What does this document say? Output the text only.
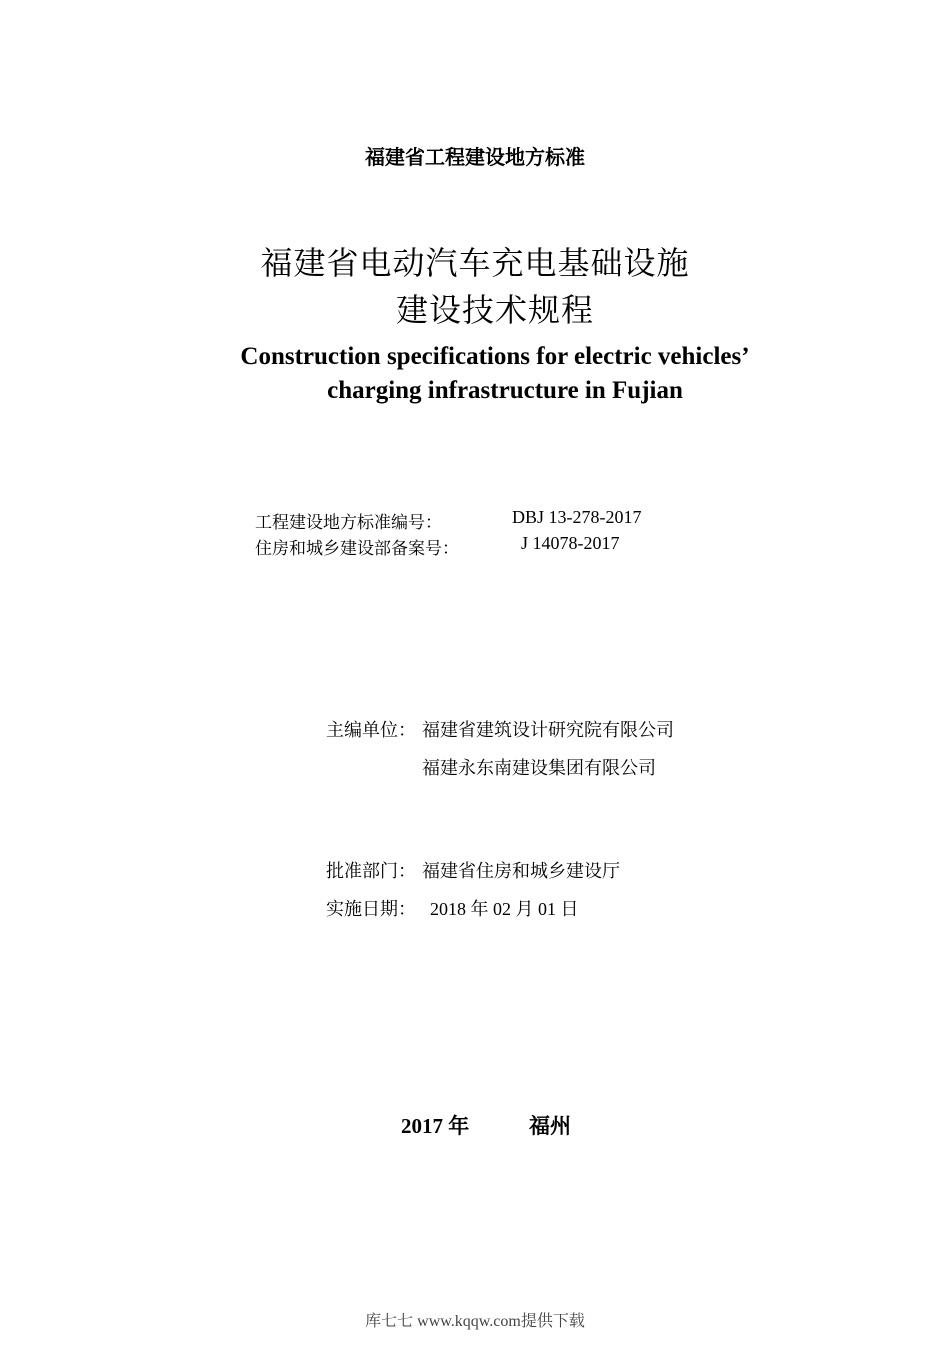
福建省工程建设地方标准
福建省电动汽车充电基础设施
建设技术规程
Construction specifications for electric vehicles’
charging infrastructure in Fujian
工程建设地方标准编号：	DBJ 13-278-2017
住房和城乡建设部备案号：	J 14078-2017
主编单位： 福建省建筑设计研究院有限公司
福建永东南建设集团有限公司
批准部门： 福建省住房和城乡建设厅
实施日期： 2018 年 02 月 01 日
2017 年	福州
库七七 www.kqqw.com提供下载
